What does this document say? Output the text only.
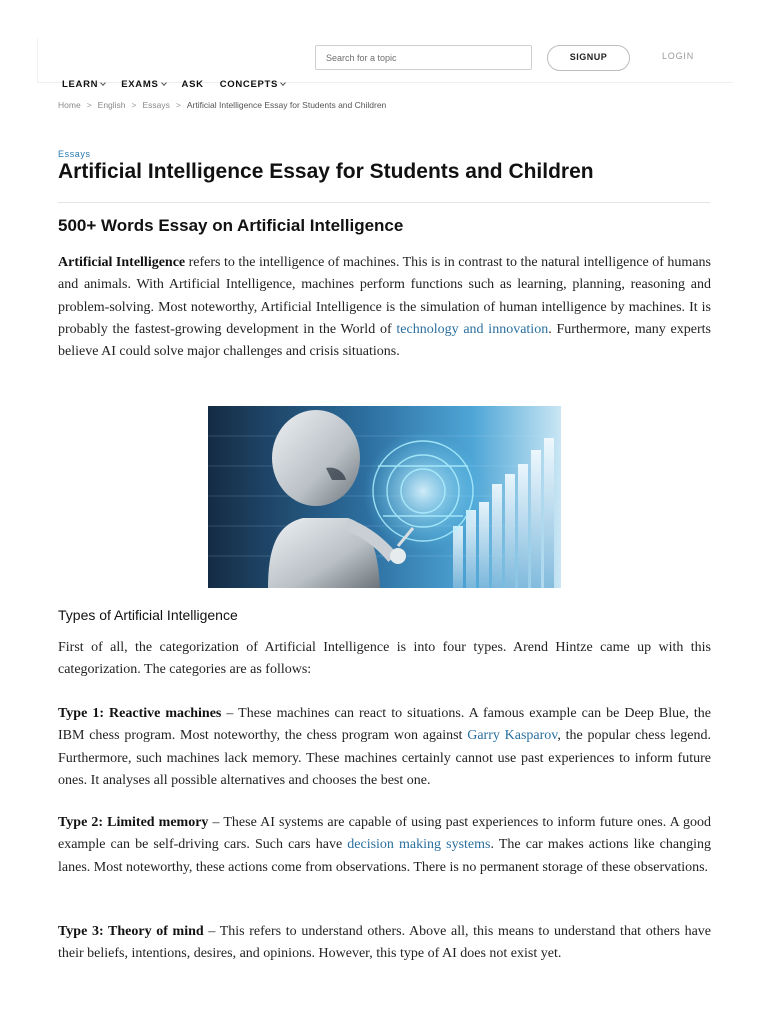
Search for a topic
SIGNUP	LOGIN
LEARN EXAMS ASK CONCEPTS
Home > English > Essays > Artificial Intelligence Essay for Students and Children
Essays
Artificial Intelligence Essay for Students and Children
500+ Words Essay on Artificial Intelligence

Artificial Intelligence refers to the intelligence of machines. This is in contrast to the natural intelligence of humans and animals. With Artificial Intelligence, machines perform functions such as learning, planning, reasoning and problem-solving. Most noteworthy, Artificial Intelligence is the simulation of human intelligence by machines. It is probably the fastest-growing development in the World of technology and innovation. Furthermore, many experts believe AI could solve major challenges and crisis situations.

Types of Artificial Intelligence

First of all, the categorization of Artificial Intelligence is into four types. Arend Hintze came up with this categorization. The categories are as follows:

Type 1: Reactive machines – These machines can react to situations. A famous example can be Deep Blue, the IBM chess program. Most noteworthy, the chess program won against Garry Kasparov, the popular chess legend. Furthermore, such machines lack memory. These machines certainly cannot use past experiences to inform future ones. It analyses all possible alternatives and chooses the best one.

Type 2: Limited memory – These AI systems are capable of using past experiences to inform future ones. A good example can be self-driving cars. Such cars have decision making systems. The car makes actions like changing lanes. Most noteworthy, these actions come from observations. There is no permanent storage of these observations.

Type 3: Theory of mind – This refers to understand others. Above all, this means to understand that others have their beliefs, intentions, desires, and opinions. However, this type of AI does not exist yet.
